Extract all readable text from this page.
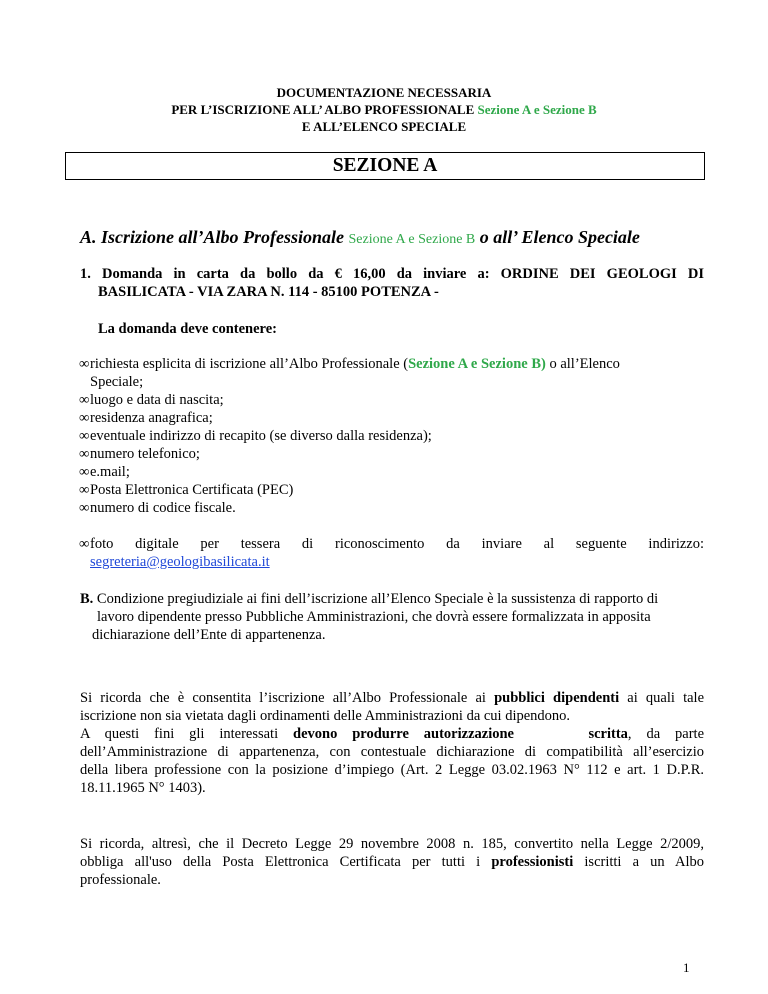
DOCUMENTAZIONE NECESSARIA
PER L’ISCRIZIONE ALL’ ALBO PROFESSIONALE Sezione A e Sezione B
E ALL’ELENCO SPECIALE
SEZIONE A
A. Iscrizione all’Albo Professionale Sezione A e Sezione B o all’ Elenco Speciale
1. Domanda in carta da bollo da € 16,00 da inviare a: ORDINE DEI GEOLOGI DI
BASILICATA - VIA ZARA N. 114 - 85100 POTENZA -
La domanda deve contenere:
∞ richiesta esplicita di iscrizione all’Albo Professionale (Sezione A e Sezione B) o all’Elenco
Speciale;
∞ luogo e data di nascita;
∞ residenza anagrafica;
∞ eventuale indirizzo di recapito (se diverso dalla residenza);
∞ numero telefonico;
∞ e.mail;
∞ Posta Elettronica Certificata (PEC)
∞ numero di codice fiscale.
∞ foto digitale per tessera di riconoscimento da inviare al seguente indirizzo:
segreteria@geologibasilicata.it
B. Condizione pregiudiziale ai fini dell’iscrizione all’Elenco Speciale è la sussistenza di rapporto di
lavoro dipendente presso Pubbliche Amministrazioni, che dovrà essere formalizzata in apposita
dichiarazione dell’Ente di appartenenza.
Si ricorda che è consentita l’iscrizione all’Albo Professionale ai pubblici dipendenti ai quali tale
iscrizione non sia vietata dagli ordinamenti delle Amministrazioni da cui dipendono.
A questi fini gli interessati devono produrre autorizzazione	scritta, da parte
dell’Amministrazione di appartenenza, con contestuale dichiarazione di compatibilità all’esercizio
della libera professione con la posizione d’impiego (Art. 2 Legge 03.02.1963 N° 112 e art. 1 D.P.R.
18.11.1965 N° 1403).
Si ricorda, altresì, che il Decreto Legge 29 novembre 2008 n. 185, convertito nella Legge 2/2009,
obbliga all'uso della Posta Elettronica Certificata per tutti i professionisti iscritti a un Albo
professionale.
1
